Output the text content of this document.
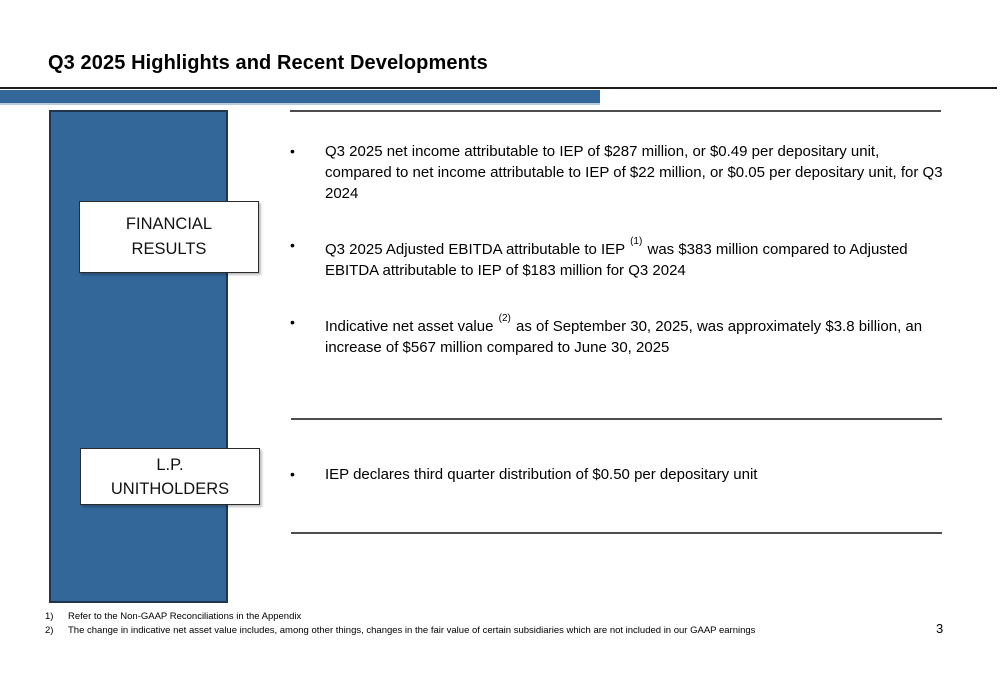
Q3 2025 Highlights and Recent Developments
FINANCIAL
RESULTS
L.P.
UNITHOLDERS
•	Q3 2025 net income attributable to IEP of $287 million, or $0.49 per depositary unit, compared to net income attributable to IEP of $22 million, or $0.05 per depositary unit, for Q3 2024
•	Q3 2025 Adjusted EBITDA attributable to IEP $^{(1)}$ was $383 million compared to Adjusted EBITDA attributable to IEP of $183 million for Q3 2024
•	Indicative net asset value $^{(2)}$ as of September 30, 2025, was approximately $3.8 billion, an increase of $567 million compared to June 30, 2025
•	IEP declares third quarter distribution of $0.50 per depositary unit
1)	Refer to the Non-GAAP Reconciliations in the Appendix
2)	The change in indicative net asset value includes, among other things, changes in the fair value of certain subsidiaries which are not included in our GAAP earnings	3
